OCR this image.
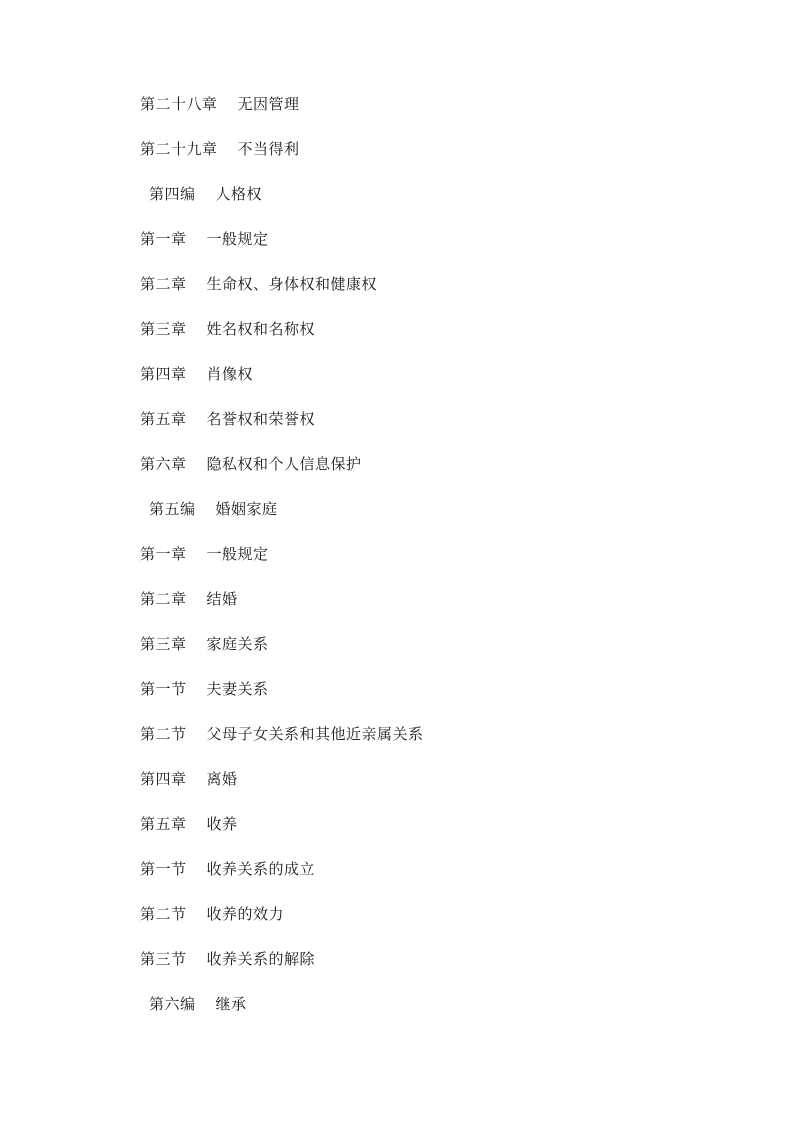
第二十八章 无因管理
第二十九章 不当得利
第四编 人格权
第一章 一般规定
第二章 生命权、身体权和健康权
第三章 姓名权和名称权
第四章 肖像权
第五章 名誉权和荣誉权
第六章 隐私权和个人信息保护
第五编 婚姻家庭
第一章 一般规定
第二章 结婚
第三章 家庭关系
第一节 夫妻关系
第二节 父母子女关系和其他近亲属关系
第四章 离婚
第五章 收养
第一节 收养关系的成立
第二节 收养的效力
第三节 收养关系的解除
第六编 继承
